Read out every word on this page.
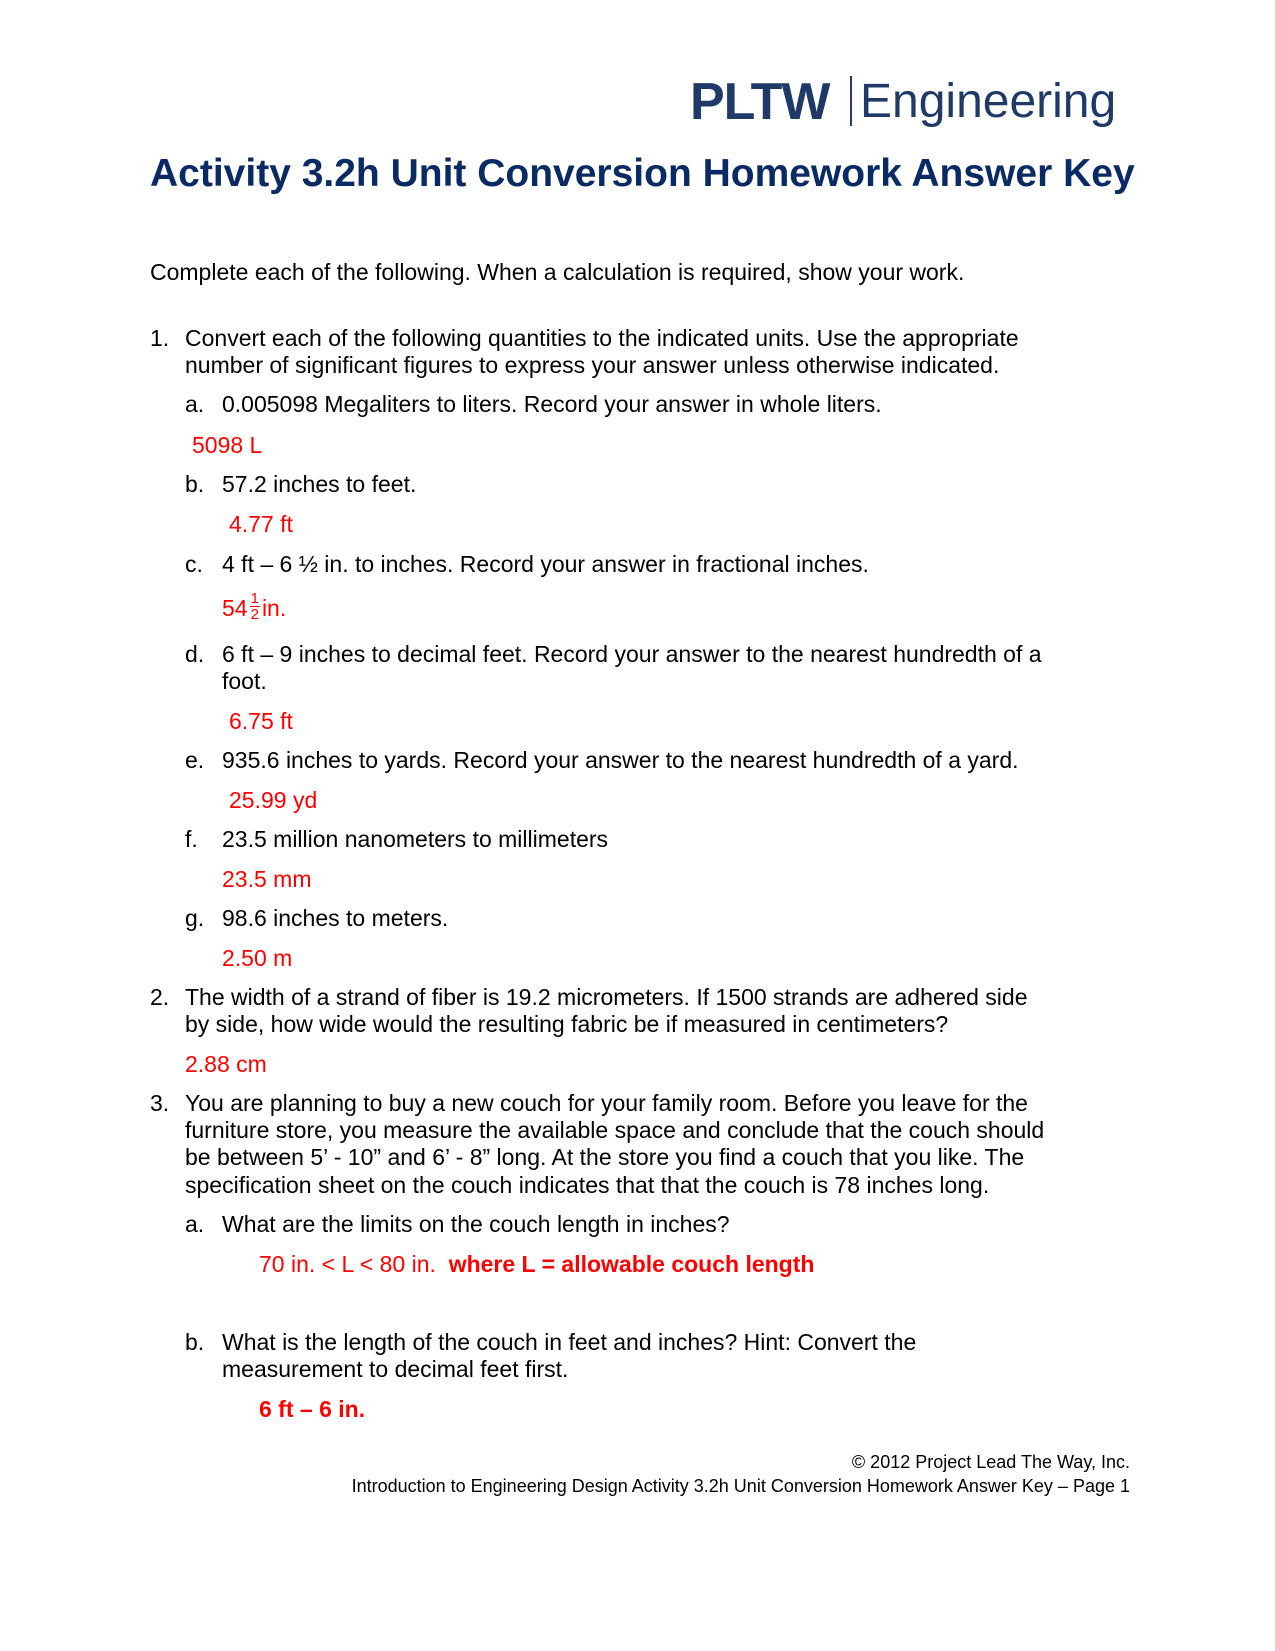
PLTW Engineering
Activity 3.2h Unit Conversion Homework Answer Key
Complete each of the following. When a calculation is required, show your work.
1. Convert each of the following quantities to the indicated units. Use the appropriate
number of significant figures to express your answer unless otherwise indicated.
a. 0.005098 Megaliters to liters. Record your answer in whole liters.
5098 L
b. 57.2 inches to feet.
4.77 ft
c. 4 ft – 6 ½ in. to inches. Record your answer in fractional inches.
$54 \frac{1}{2}$ in.
d. 6 ft – 9 inches to decimal feet. Record your answer to the nearest hundredth of a
foot.
6.75 ft
e. 935.6 inches to yards. Record your answer to the nearest hundredth of a yard.
25.99 yd
f. 23.5 million nanometers to millimeters
23.5 mm
g. 98.6 inches to meters.
2.50 m
2. The width of a strand of fiber is 19.2 micrometers. If 1500 strands are adhered side
by side, how wide would the resulting fabric be if measured in centimeters?
2.88 cm
3. You are planning to buy a new couch for your family room. Before you leave for the
furniture store, you measure the available space and conclude that the couch should
be between 5’ - 10” and 6’ - 8” long. At the store you find a couch that you like. The
specification sheet on the couch indicates that that the couch is 78 inches long.
a. What are the limits on the couch length in inches?
70 in. < L < 80 in. where L = allowable couch length
b. What is the length of the couch in feet and inches? Hint: Convert the
measurement to decimal feet first.
6 ft – 6 in.
© 2012 Project Lead The Way, Inc.
Introduction to Engineering Design Activity 3.2h Unit Conversion Homework Answer Key – Page 1
